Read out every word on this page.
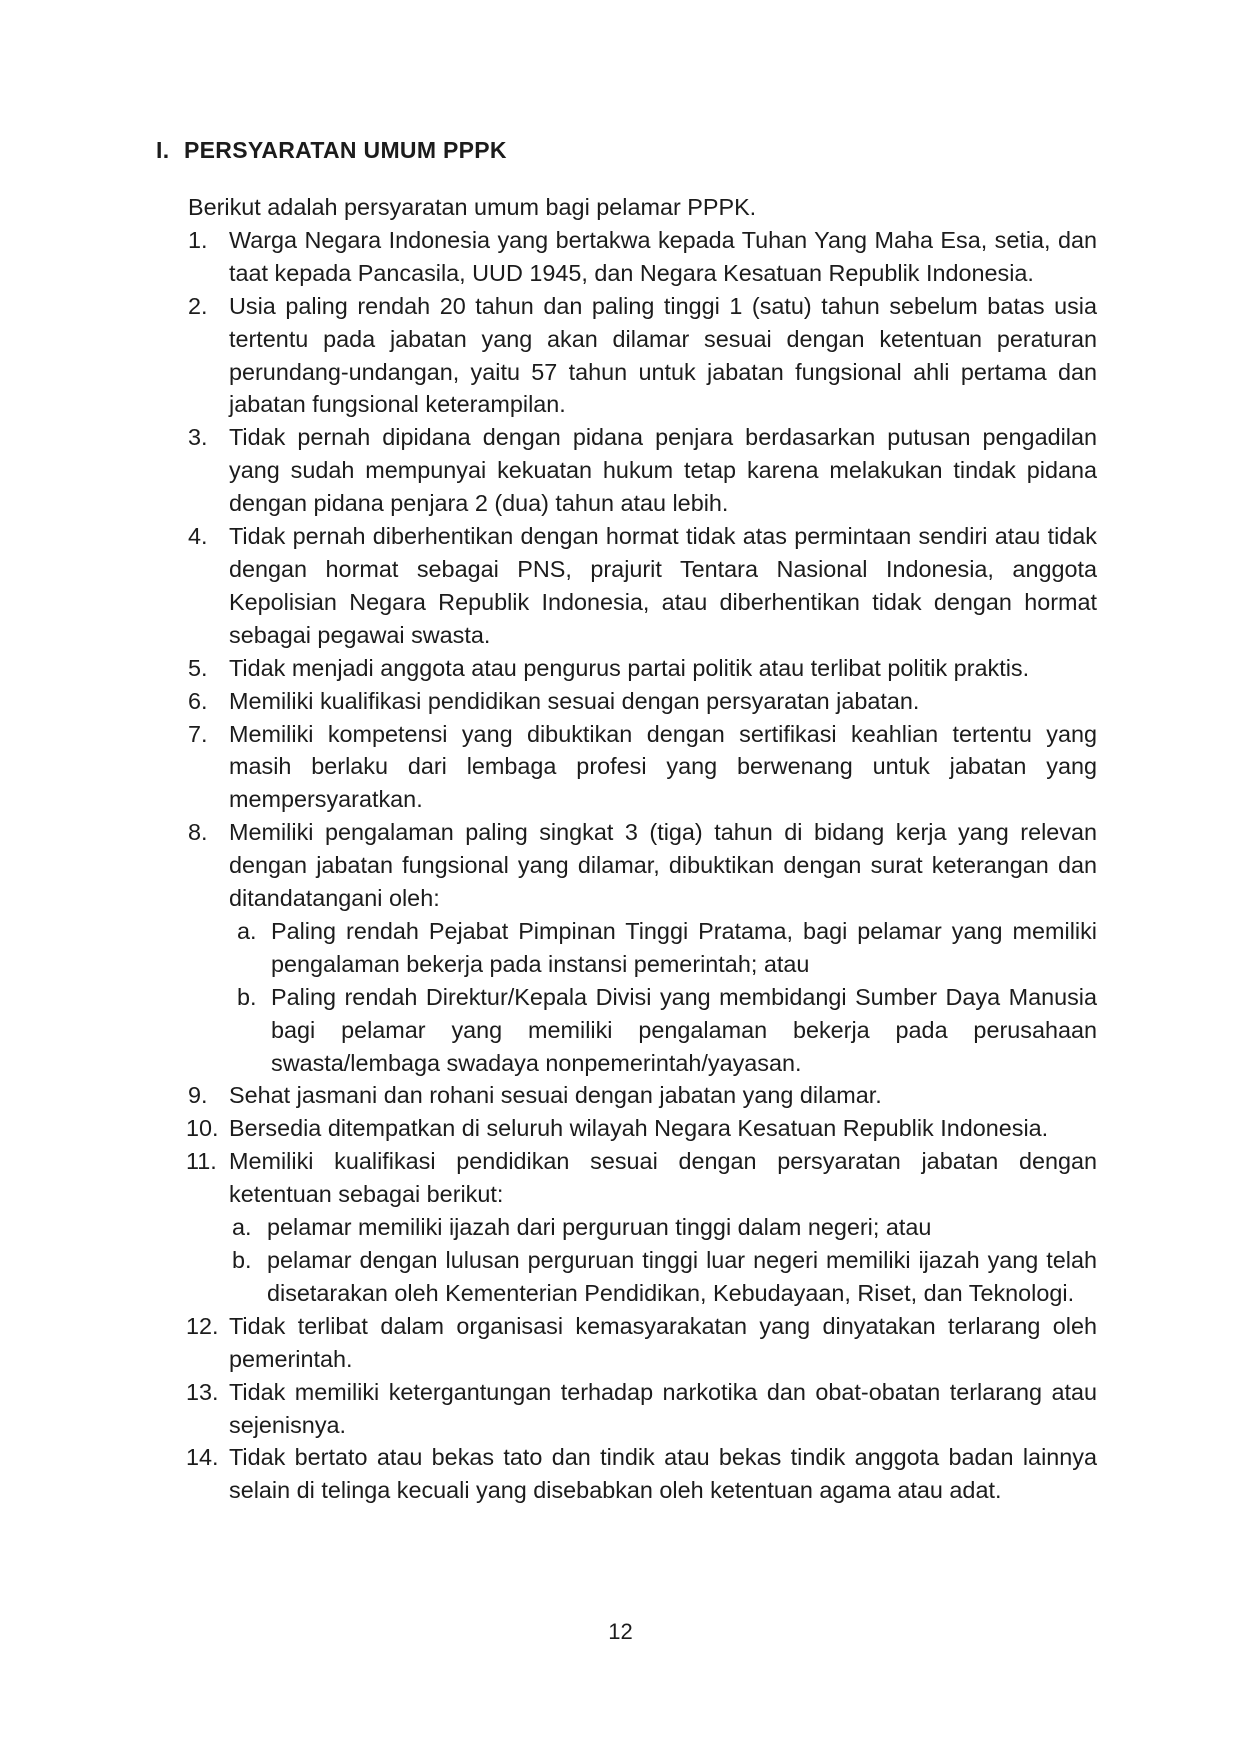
I. PERSYARATAN UMUM PPPK

Berikut adalah persyaratan umum bagi pelamar PPPK.

1. Warga Negara Indonesia yang bertakwa kepada Tuhan Yang Maha Esa, setia, dan taat kepada Pancasila, UUD 1945, dan Negara Kesatuan Republik Indonesia.
2. Usia paling rendah 20 tahun dan paling tinggi 1 (satu) tahun sebelum batas usia tertentu pada jabatan yang akan dilamar sesuai dengan ketentuan peraturan perundang-undangan, yaitu 57 tahun untuk jabatan fungsional ahli pertama dan jabatan fungsional keterampilan.
3. Tidak pernah dipidana dengan pidana penjara berdasarkan putusan pengadilan yang sudah mempunyai kekuatan hukum tetap karena melakukan tindak pidana dengan pidana penjara 2 (dua) tahun atau lebih.
4. Tidak pernah diberhentikan dengan hormat tidak atas permintaan sendiri atau tidak dengan hormat sebagai PNS, prajurit Tentara Nasional Indonesia, anggota Kepolisian Negara Republik Indonesia, atau diberhentikan tidak dengan hormat sebagai pegawai swasta.
5. Tidak menjadi anggota atau pengurus partai politik atau terlibat politik praktis.
6. Memiliki kualifikasi pendidikan sesuai dengan persyaratan jabatan.
7. Memiliki kompetensi yang dibuktikan dengan sertifikasi keahlian tertentu yang masih berlaku dari lembaga profesi yang berwenang untuk jabatan yang mempersyaratkan.
8. Memiliki pengalaman paling singkat 3 (tiga) tahun di bidang kerja yang relevan dengan jabatan fungsional yang dilamar, dibuktikan dengan surat keterangan dan ditandatangani oleh:
a. Paling rendah Pejabat Pimpinan Tinggi Pratama, bagi pelamar yang memiliki pengalaman bekerja pada instansi pemerintah; atau
b. Paling rendah Direktur/Kepala Divisi yang membidangi Sumber Daya Manusia bagi pelamar yang memiliki pengalaman bekerja pada perusahaan swasta/lembaga swadaya nonpemerintah/yayasan.
9. Sehat jasmani dan rohani sesuai dengan jabatan yang dilamar.
10. Bersedia ditempatkan di seluruh wilayah Negara Kesatuan Republik Indonesia.
11. Memiliki kualifikasi pendidikan sesuai dengan persyaratan jabatan dengan ketentuan sebagai berikut:
a. pelamar memiliki ijazah dari perguruan tinggi dalam negeri; atau
b. pelamar dengan lulusan perguruan tinggi luar negeri memiliki ijazah yang telah disetarakan oleh Kementerian Pendidikan, Kebudayaan, Riset, dan Teknologi.
12. Tidak terlibat dalam organisasi kemasyarakatan yang dinyatakan terlarang oleh pemerintah.
13. Tidak memiliki ketergantungan terhadap narkotika dan obat-obatan terlarang atau sejenisnya.
14. Tidak bertato atau bekas tato dan tindik atau bekas tindik anggota badan lainnya selain di telinga kecuali yang disebabkan oleh ketentuan agama atau adat.
12
